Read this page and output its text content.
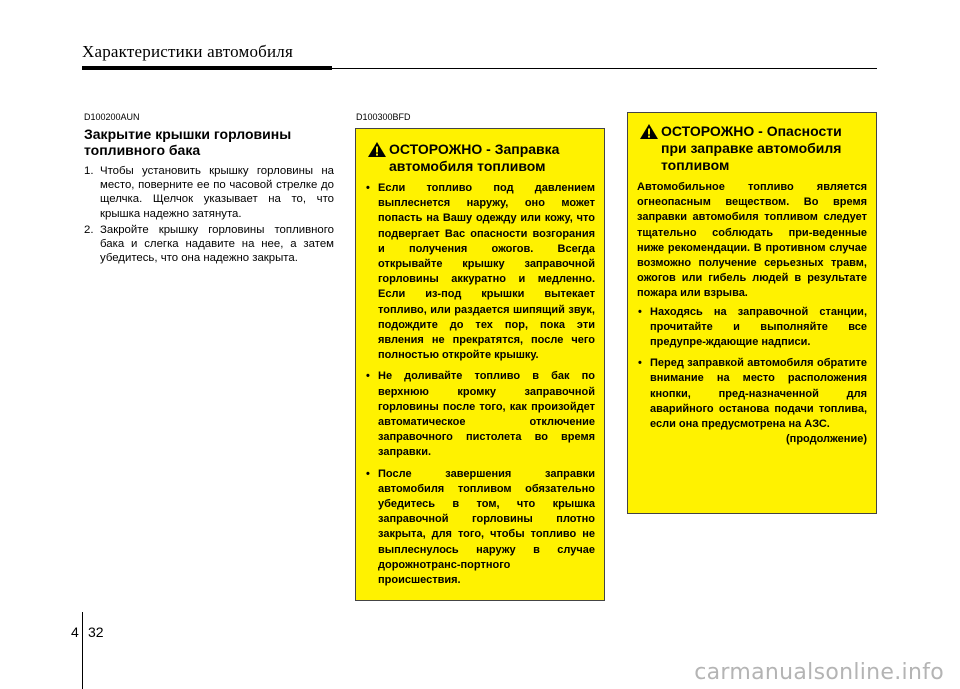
Характеристики автомобиля
D100200AUN
Закрытие крышки горловины топливного бака
1. Чтобы установить крышку горловины на место, поверните ее по часовой стрелке до щелчка. Щелчок указывает на то, что крышка надежно затянута.
2. Закройте крышку горловины топливного бака и слегка надавите на нее, а затем убедитесь, что она надежно закрыта.
D100300BFD
ОСТОРОЖНО - Заправка автомобиля топливом
• Если топливо под давлением выплеснется наружу, оно может попасть на Вашу одежду или кожу, что подвергает Вас опасности возгорания и получения ожогов. Всегда открывайте крышку заправочной горловины аккуратно и медленно. Если из-под крышки вытекает топливо, или раздается шипящий звук, подождите до тех пор, пока эти явления не прекратятся, после чего полностью откройте крышку.
• Не доливайте топливо в бак по верхнюю кромку заправочной горловины после того, как произойдет автоматическое отключение заправочного пистолета во время заправки.
• После завершения заправки автомобиля топливом обязательно убедитесь в том, что крышка заправочной горловины плотно закрыта, для того, чтобы топливо не выплеснулось наружу в случае дорожнотранс-портного происшествия.
ОСТОРОЖНО - Опасности при заправке автомобиля топливом
Автомобильное топливо является огнеопасным веществом. Во время заправки автомобиля топливом следует тщательно соблюдать при-веденные ниже рекомендации. В противном случае возможно получение серьезных травм, ожогов или гибель людей в результате пожара или взрыва.
• Находясь на заправочной станции, прочитайте и выполняйте все предупре-ждающие надписи.
• Перед заправкой автомобиля обратите внимание на место расположения кнопки, пред-назначенной для аварийного останова подачи топлива, если она предусмотрена на АЗС.
(продолжение)
4 32
carmanualsonline.info
